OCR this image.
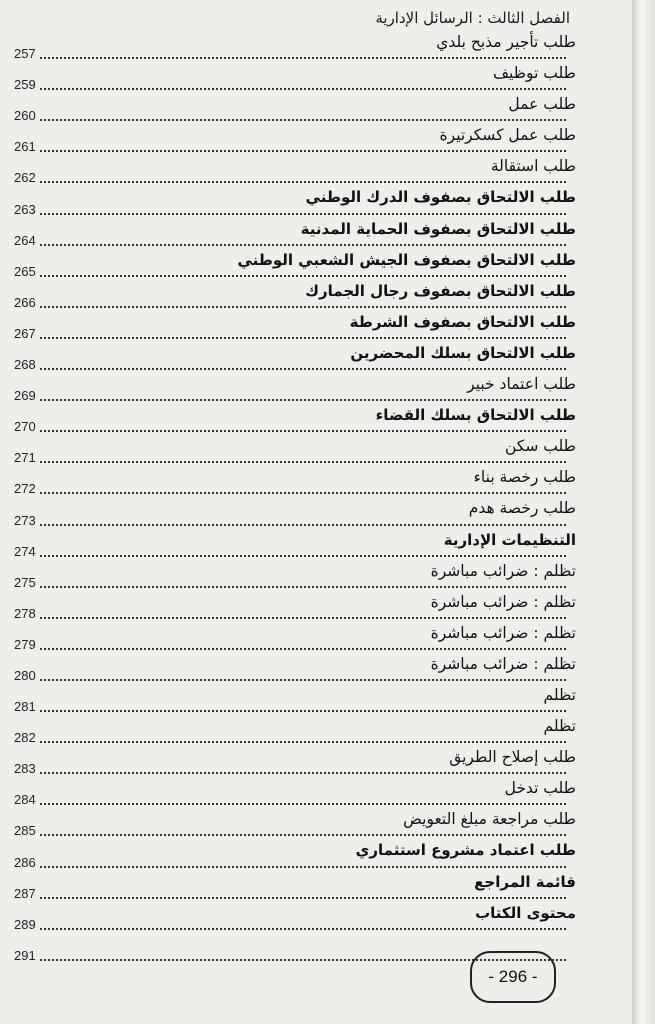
الفصل الثالث : الرسائل الإدارية
257
طلب تأجير مذبح بلدي
259
طلب توظيف
260
طلب عمل
261
طلب عمل كسكرتيرة
262
طلب استقالة
263
طلب الالتحاق بصفوف الدرك الوطني
264
طلب الالتحاق بصفوف الحماية المدنية
265
طلب الالتحاق بصفوف الجيش الشعبي الوطني
266
طلب الالتحاق بصفوف رجال الجمارك
267
طلب الالتحاق بصفوف الشرطة
268
طلب الالتحاق بسلك المحضرين
269
طلب اعتماد خبير
270
طلب الالتحاق بسلك القضاء
271
طلب سكن
272
طلب رخصة بناء
273
طلب رخصة هدم
274
التنظيمات الإدارية
275
تظلم : ضرائب مباشرة
278
تظلم : ضرائب مباشرة
279
تظلم : ضرائب مباشرة
280
تظلم : ضرائب مباشرة
281
تظلم
282
تظلم
283
طلب إصلاح الطريق
284
طلب تدخل
285
طلب مراجعة مبلغ التعويض
286
طلب اعتماد مشروع استثماري
287
قائمة المراجع
289
محتوى الكتاب
291
- 296 -
